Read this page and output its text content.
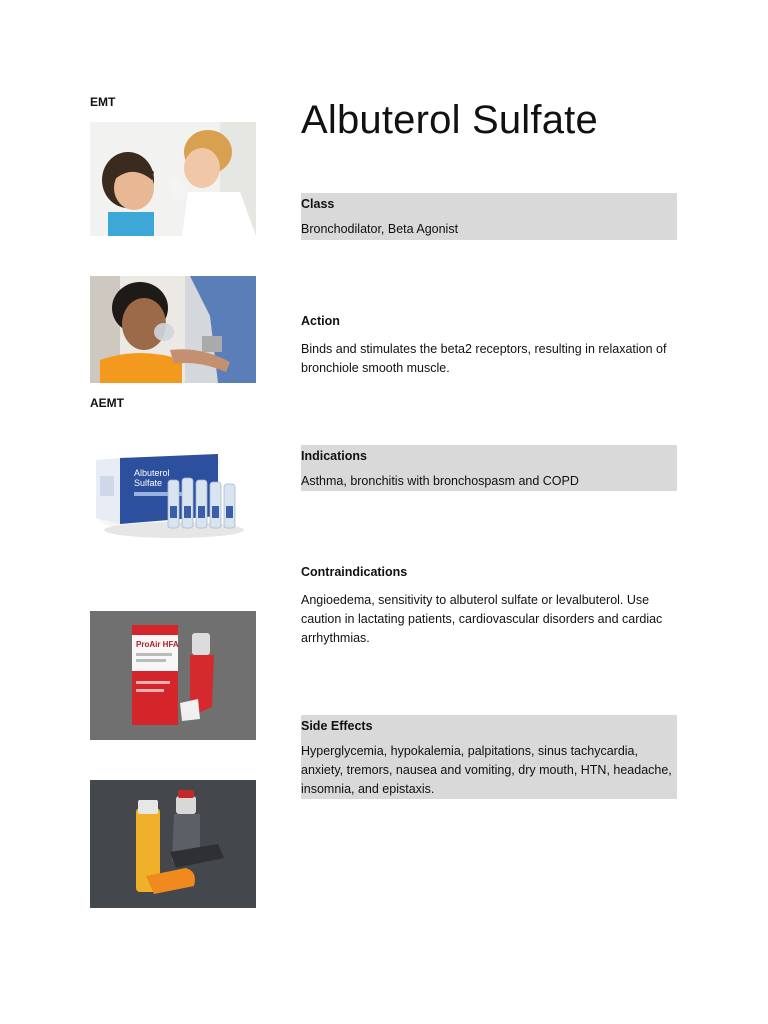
EMT
AEMT
Albuterol
Sulfate
ProAir HFA
Albuterol Sulfate
Class
Bronchodilator, Beta Agonist
Action
Binds and stimulates the beta2 receptors, resulting in relaxation of bronchiole smooth muscle.
Indications
Asthma, bronchitis with bronchospasm and COPD
Contraindications
Angioedema, sensitivity to albuterol sulfate or levalbuterol. Use caution in lactating patients, cardiovascular disorders and cardiac arrhythmias.
Side Effects
Hyperglycemia, hypokalemia, palpitations, sinus tachycardia, anxiety, tremors, nausea and vomiting, dry mouth, HTN, headache, insomnia, and epistaxis.
